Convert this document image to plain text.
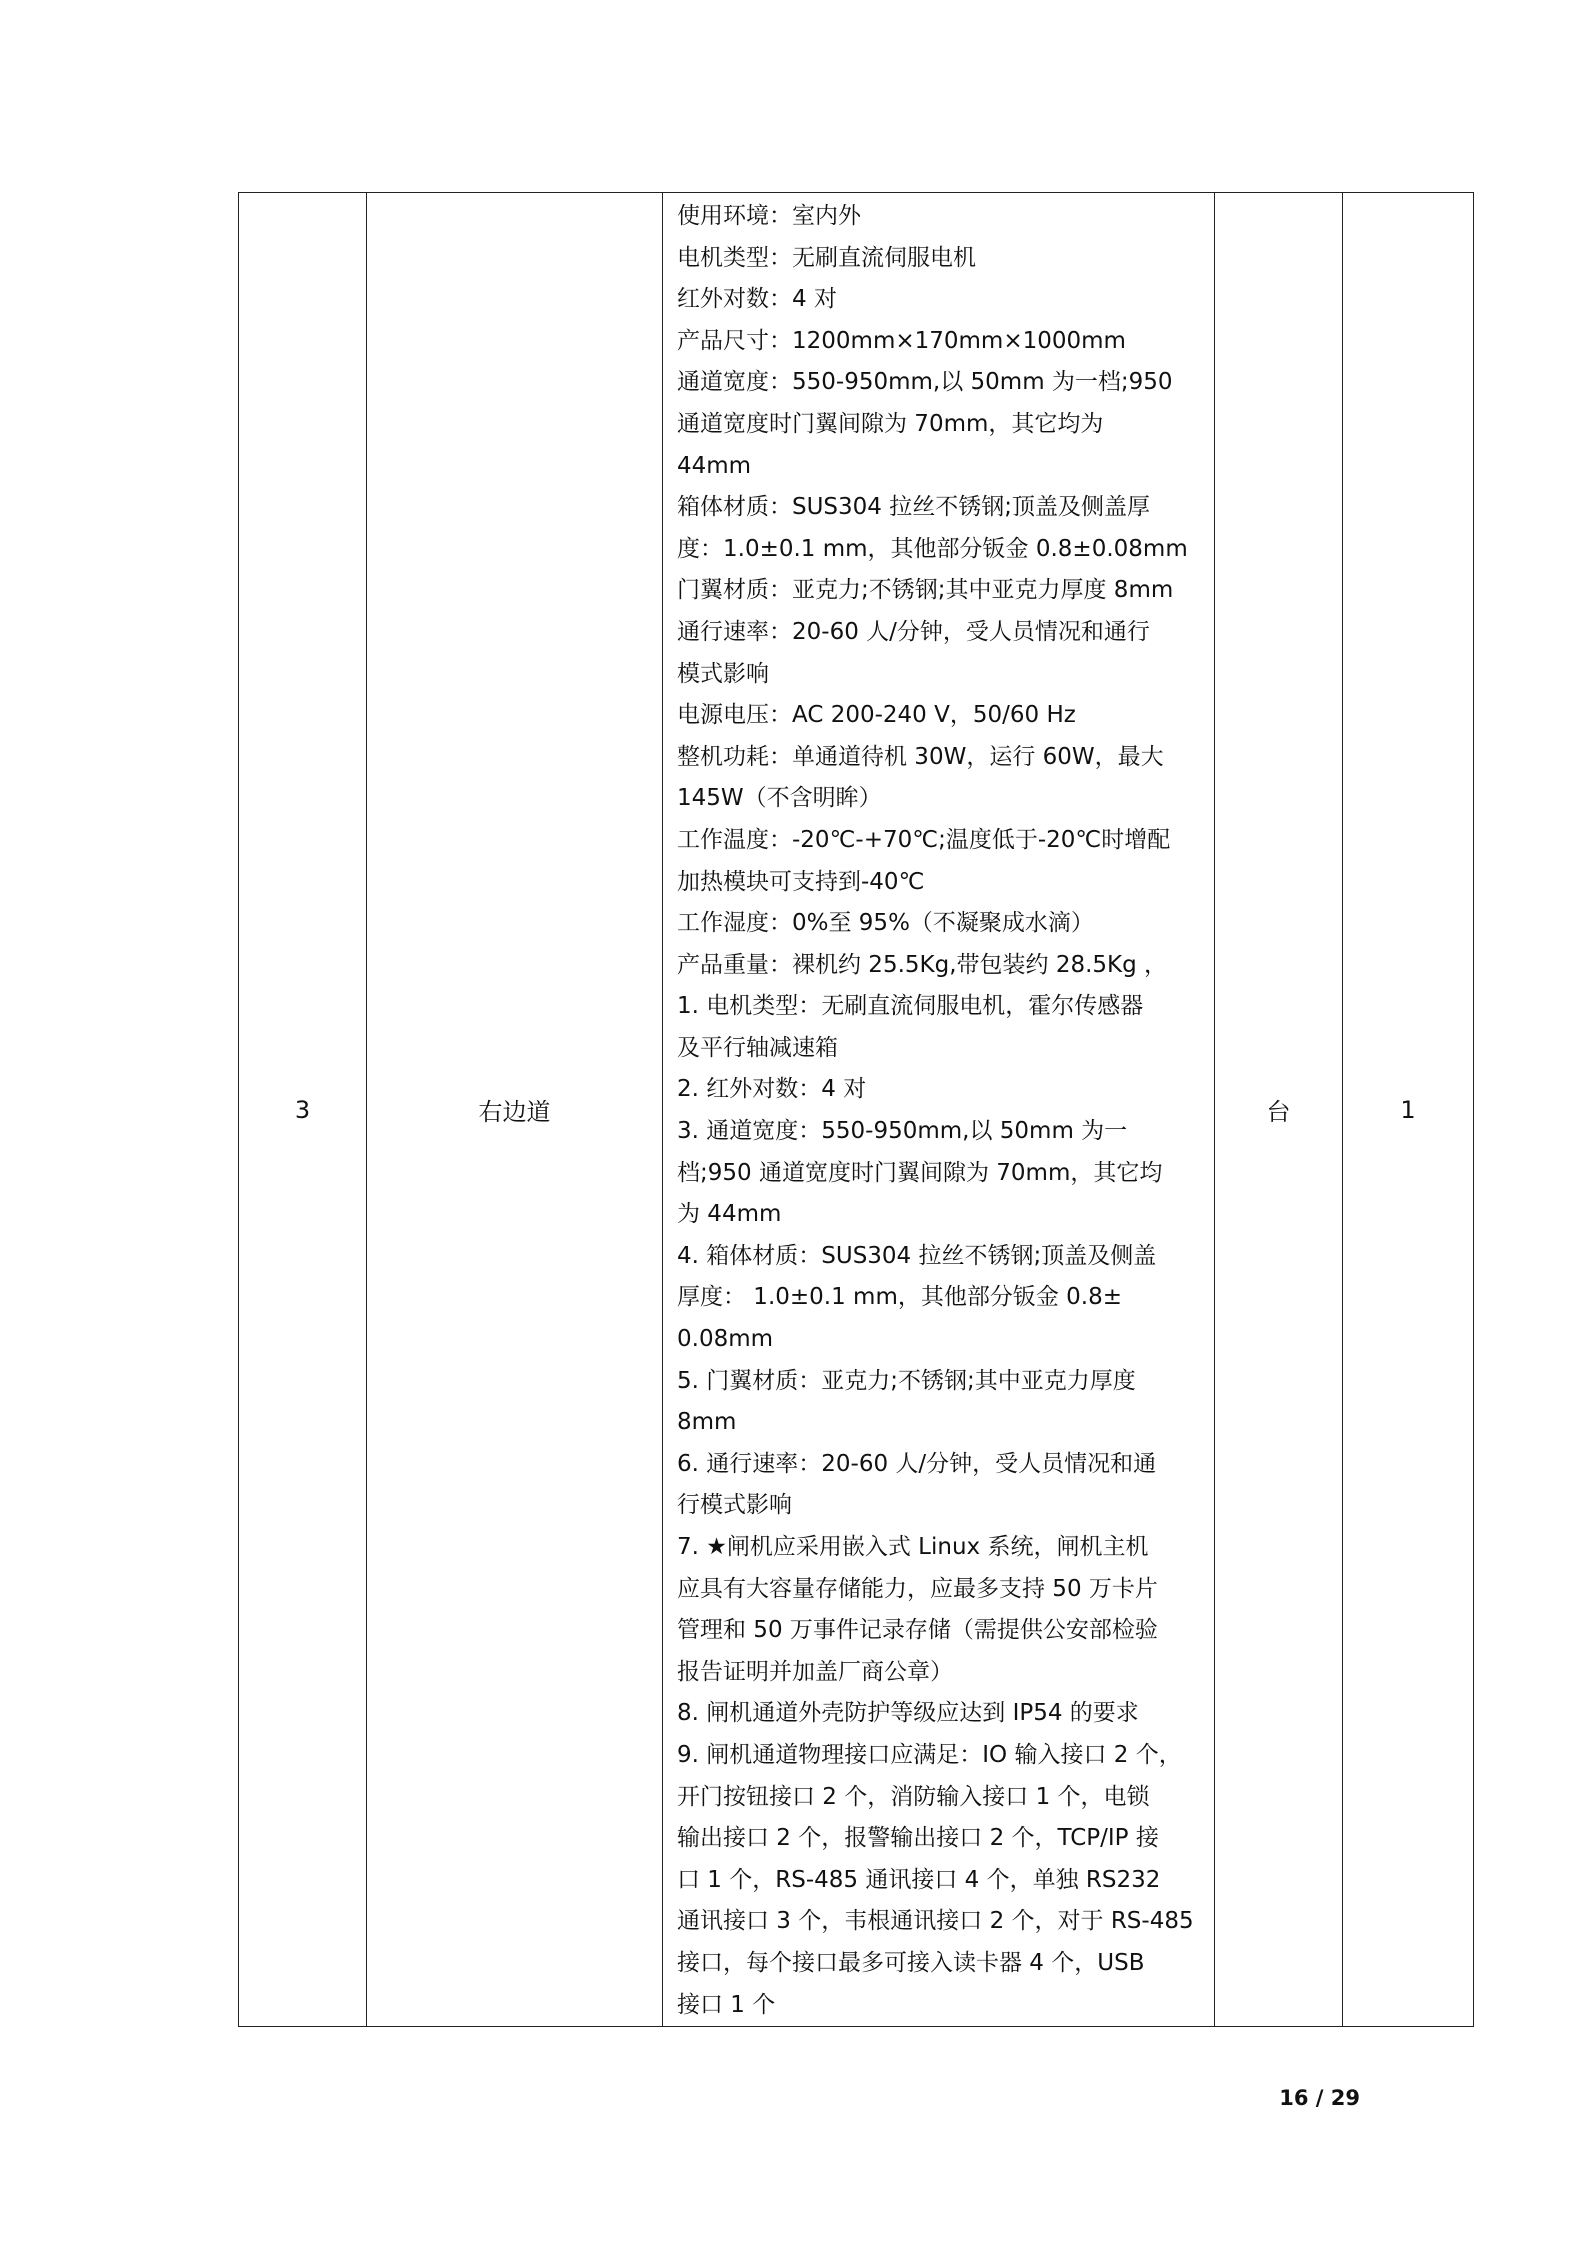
3	右边道	
使用环境：室内外
电机类型：无刷直流伺服电机
红外对数：4 对
产品尺寸：1200mm×170mm×1000mm
通道宽度：550-950mm,以 50mm 为一档;950
通道宽度时门翼间隙为 70mm，其它均为
44mm
箱体材质：SUS304 拉丝不锈钢;顶盖及侧盖厚
度：1.0±0.1 mm，其他部分钣金 0.8±0.08mm
门翼材质：亚克力;不锈钢;其中亚克力厚度 8mm
通行速率：20-60 人/分钟，受人员情况和通行
模式影响
电源电压：AC 200-240 V，50/60 Hz
整机功耗：单通道待机 30W，运行 60W，最大
145W（不含明眸）
工作温度：-20℃-+70℃;温度低于-20℃时增配
加热模块可支持到-40℃
工作湿度：0%至 95%（不凝聚成水滴）
产品重量：裸机约 25.5Kg,带包装约 28.5Kg ，
1. 电机类型：无刷直流伺服电机，霍尔传感器
及平行轴减速箱
2. 红外对数：4 对
3. 通道宽度：550-950mm,以 50mm 为一
档;950 通道宽度时门翼间隙为 70mm，其它均
为 44mm
4. 箱体材质：SUS304 拉丝不锈钢;顶盖及侧盖
厚度： 1.0±0.1 mm，其他部分钣金 0.8±
0.08mm
5. 门翼材质：亚克力;不锈钢;其中亚克力厚度
8mm
6. 通行速率：20-60 人/分钟，受人员情况和通
行模式影响
7. ★闸机应采用嵌入式 Linux 系统，闸机主机
应具有大容量存储能力，应最多支持 50 万卡片
管理和 50 万事件记录存储（需提供公安部检验
报告证明并加盖厂商公章）
8. 闸机通道外壳防护等级应达到 IP54 的要求
9. 闸机通道物理接口应满足：IO 输入接口 2 个，
开门按钮接口 2 个，消防输入接口 1 个，电锁
输出接口 2 个，报警输出接口 2 个，TCP/IP 接
口 1 个，RS-485 通讯接口 4 个，单独 RS232
通讯接口 3 个，韦根通讯接口 2 个，对于 RS-485
接口，每个接口最多可接入读卡器 4 个，USB
接口 1 个
	台	1
16 / 29
